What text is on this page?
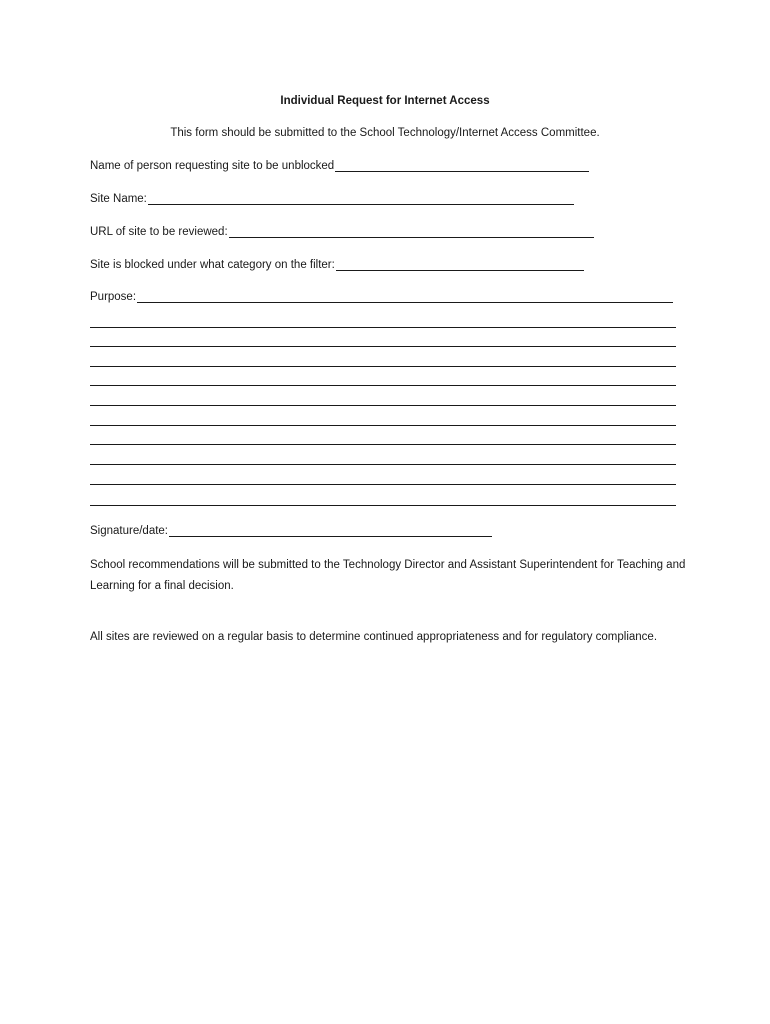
Individual Request for Internet Access
This form should be submitted to the School Technology/Internet Access Committee.
Name of person requesting site to be unblocked
Site Name:
URL of site to be reviewed:
Site is blocked under what category on the filter:
Purpose:
Signature/date:
School recommendations will be submitted to the Technology Director and Assistant Superintendent for Teaching and Learning for a final decision.
All sites are reviewed on a regular basis to determine continued appropriateness and for regulatory compliance.
